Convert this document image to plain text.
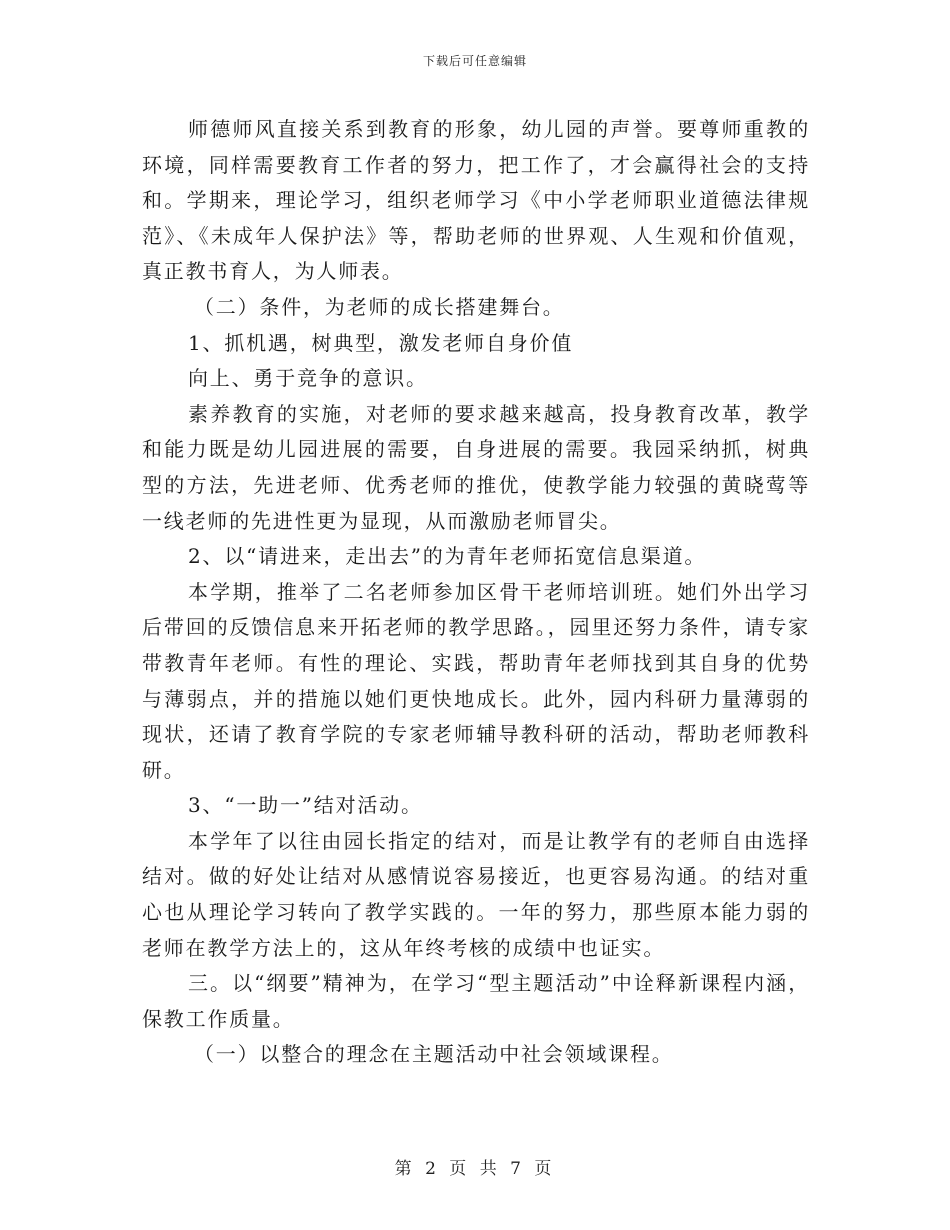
下载后可任意编辑

师德师风直接关系到教育的形象，幼儿园的声誉。要尊师重教的环境，同样需要教育工作者的努力，把工作了，才会赢得社会的支持和。学期来，理论学习，组织老师学习《中小学老师职业道德法律规范》、《未成年人保护法》等，帮助老师的世界观、人生观和价值观，真正教书育人，为人师表。

（二）条件，为老师的成长搭建舞台。

1、抓机遇，树典型，激发老师自身价值

向上、勇于竞争的意识。

素养教育的实施，对老师的要求越来越高，投身教育改革，教学和能力既是幼儿园进展的需要，自身进展的需要。我园采纳抓，树典型的方法，先进老师、优秀老师的推优，使教学能力较强的黄晓莺等一线老师的先进性更为显现，从而激励老师冒尖。

2、以“请进来，走出去”的为青年老师拓宽信息渠道。

本学期，推举了二名老师参加区骨干老师培训班。她们外出学习后带回的反馈信息来开拓老师的教学思路。，园里还努力条件，请专家带教青年老师。有性的理论、实践，帮助青年老师找到其自身的优势与薄弱点，并的措施以她们更快地成长。此外，园内科研力量薄弱的现状，还请了教育学院的专家老师辅导教科研的活动，帮助老师教科研。

3、“一助一”结对活动。

本学年了以往由园长指定的结对，而是让教学有的老师自由选择结对。做的好处让结对从感情说容易接近，也更容易沟通。的结对重心也从理论学习转向了教学实践的。一年的努力，那些原本能力弱的老师在教学方法上的，这从年终考核的成绩中也证实。

三。以“纲要”精神为，在学习“型主题活动”中诠释新课程内涵，保教工作质量。

（一）以整合的理念在主题活动中社会领域课程。

第 2 页 共 7 页
